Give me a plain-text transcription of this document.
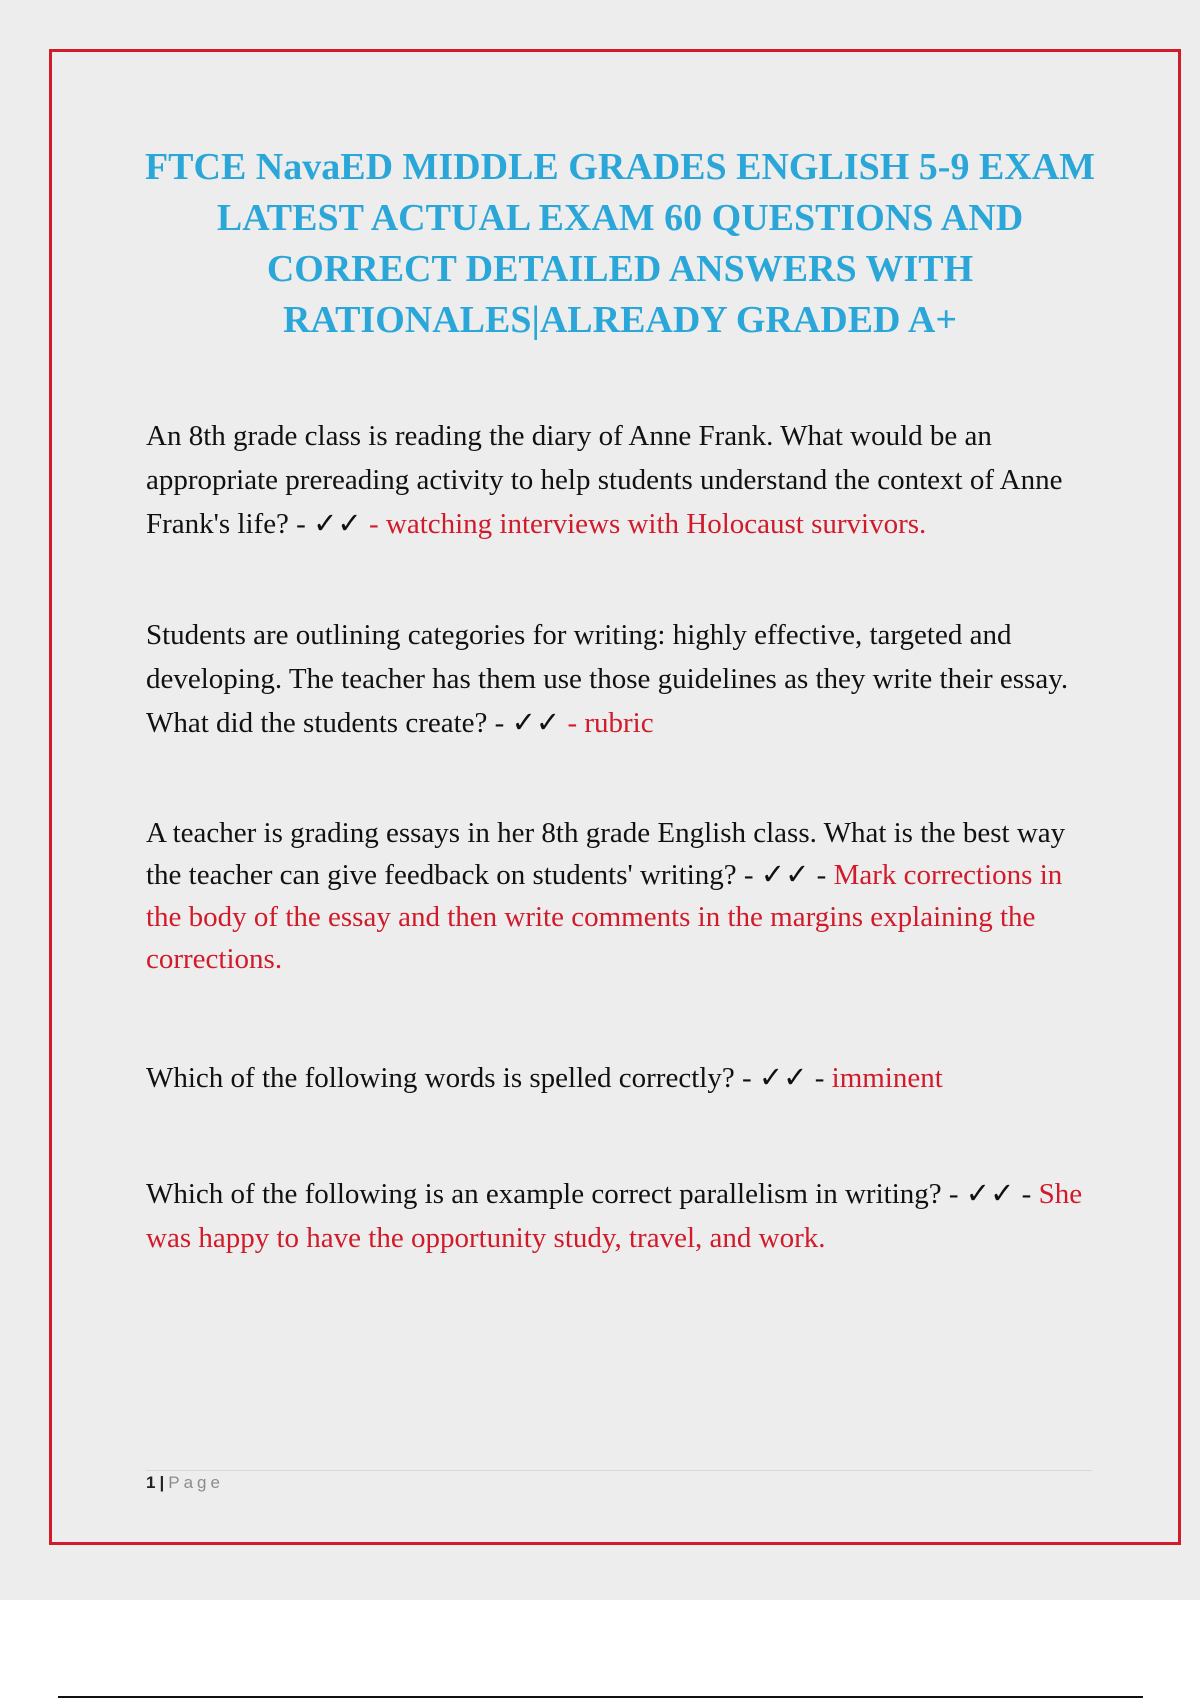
FTCE NavaED MIDDLE GRADES ENGLISH 5-9 EXAM LATEST ACTUAL EXAM 60 QUESTIONS AND CORRECT DETAILED ANSWERS WITH RATIONALES|ALREADY GRADED A+
An 8th grade class is reading the diary of Anne Frank. What would be an appropriate prereading activity to help students understand the context of Anne Frank's life? - ✓✓ - watching interviews with Holocaust survivors.
Students are outlining categories for writing: highly effective, targeted and developing. The teacher has them use those guidelines as they write their essay. What did the students create? - ✓✓ - rubric
A teacher is grading essays in her 8th grade English class. What is the best way the teacher can give feedback on students' writing? - ✓✓ - Mark corrections in the body of the essay and then write comments in the margins explaining the corrections.
Which of the following words is spelled correctly? - ✓✓ - imminent
Which of the following is an example correct parallelism in writing? - ✓✓ - She was happy to have the opportunity study, travel, and work.
1 | Page
